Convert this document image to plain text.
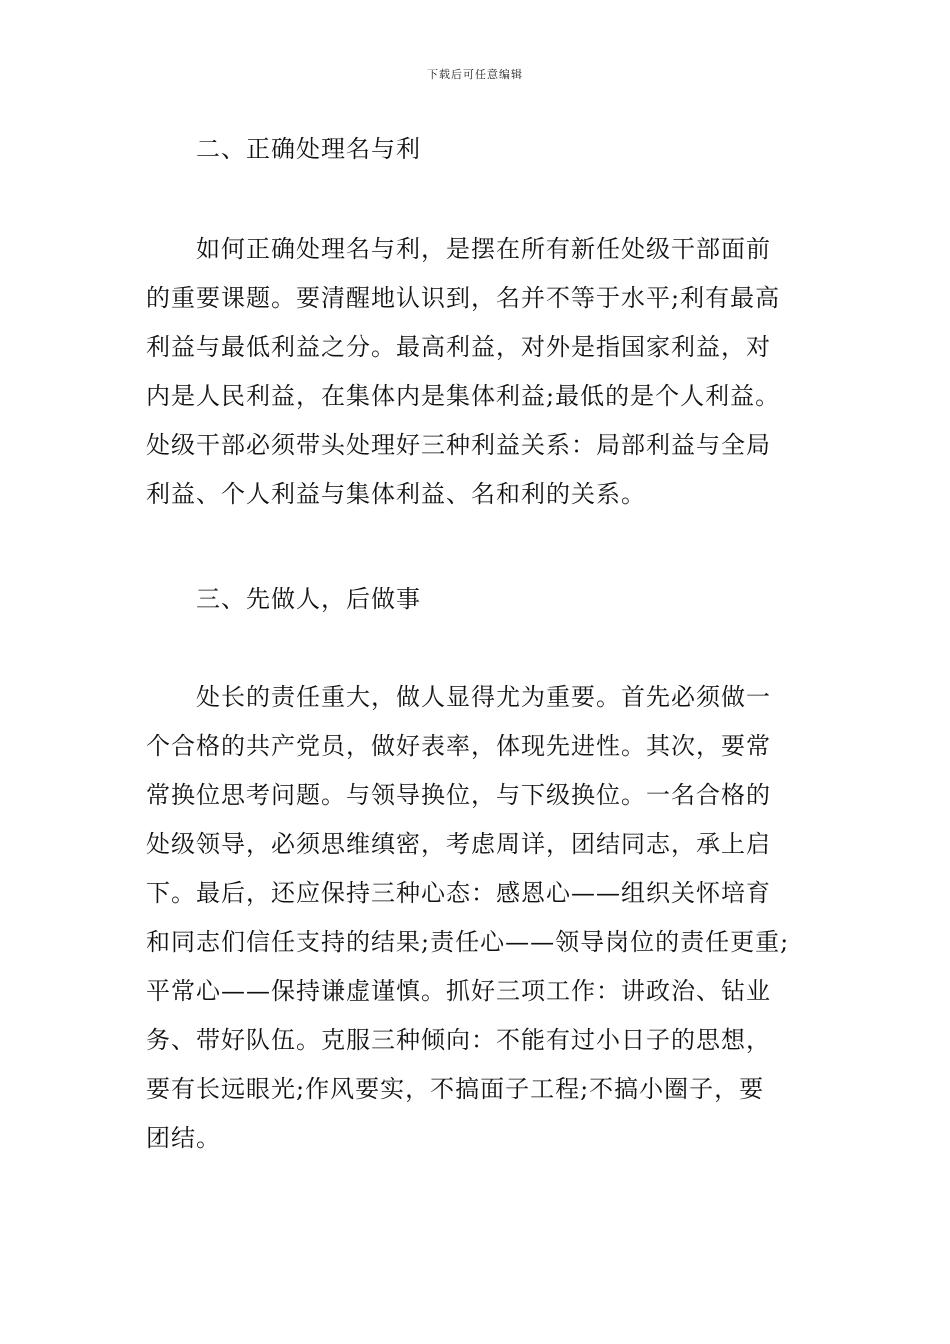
下载后可任意编辑
二、正确处理名与利
如何正确处理名与利，是摆在所有新任处级干部面前
的重要课题。要清醒地认识到，名并不等于水平;利有最高
利益与最低利益之分。最高利益，对外是指国家利益，对
内是人民利益，在集体内是集体利益;最低的是个人利益。
处级干部必须带头处理好三种利益关系：局部利益与全局
利益、个人利益与集体利益、名和利的关系。
三、先做人，后做事
处长的责任重大，做人显得尤为重要。首先必须做一
个合格的共产党员，做好表率，体现先进性。其次，要常
常换位思考问题。与领导换位，与下级换位。一名合格的
处级领导，必须思维缜密，考虑周详，团结同志，承上启
下。最后，还应保持三种心态：感恩心——组织关怀培育
和同志们信任支持的结果;责任心——领导岗位的责任更重;
平常心——保持谦虚谨慎。抓好三项工作：讲政治、钻业
务、带好队伍。克服三种倾向：不能有过小日子的思想，
要有长远眼光;作风要实，不搞面子工程;不搞小圈子，要
团结。
